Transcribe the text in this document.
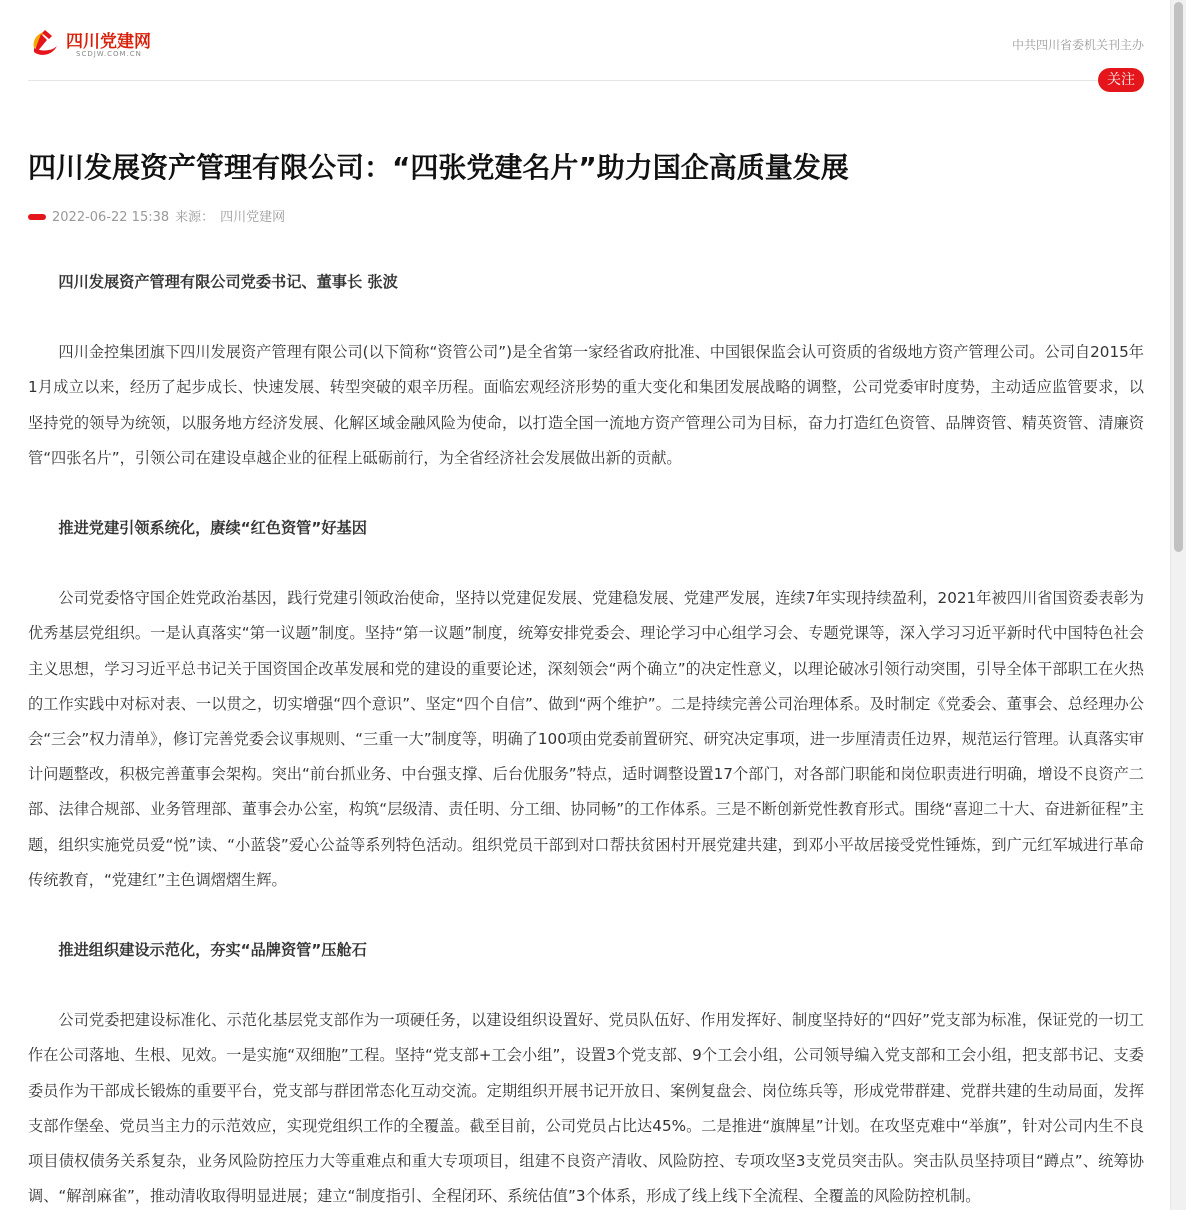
四川党建网
SCDJW.COM.CN
中共四川省委机关刊主办
关注
四川发展资产管理有限公司：“四张党建名片”助力国企高质量发展
2022-06-22 15:38 来源： 四川党建网

四川发展资产管理有限公司党委书记、董事长 张波

四川金控集团旗下四川发展资产管理有限公司(以下简称“资管公司”)是全省第一家经省政府批准、中国银保监会认可资质的省级地方资产管理公司。公司自2015年1月成立以来，经历了起步成长、快速发展、转型突破的艰辛历程。面临宏观经济形势的重大变化和集团发展战略的调整，公司党委审时度势，主动适应监管要求，以坚持党的领导为统领，以服务地方经济发展、化解区域金融风险为使命，以打造全国一流地方资产管理公司为目标，奋力打造红色资管、品牌资管、精英资管、清廉资管“四张名片”，引领公司在建设卓越企业的征程上砥砺前行，为全省经济社会发展做出新的贡献。

推进党建引领系统化，赓续“红色资管”好基因

公司党委恪守国企姓党政治基因，践行党建引领政治使命，坚持以党建促发展、党建稳发展、党建严发展，连续7年实现持续盈利，2021年被四川省国资委表彰为优秀基层党组织。一是认真落实“第一议题”制度。坚持“第一议题”制度，统筹安排党委会、理论学习中心组学习会、专题党课等，深入学习习近平新时代中国特色社会主义思想，学习习近平总书记关于国资国企改革发展和党的建设的重要论述，深刻领会“两个确立”的决定性意义，以理论破冰引领行动突围，引导全体干部职工在火热的工作实践中对标对表、一以贯之，切实增强“四个意识”、坚定“四个自信”、做到“两个维护”。二是持续完善公司治理体系。及时制定《党委会、董事会、总经理办公会“三会”权力清单》，修订完善党委会议事规则、“三重一大”制度等，明确了100项由党委前置研究、研究决定事项，进一步厘清责任边界，规范运行管理。认真落实审计问题整改，积极完善董事会架构。突出“前台抓业务、中台强支撑、后台优服务”特点，适时调整设置17个部门，对各部门职能和岗位职责进行明确，增设不良资产二部、法律合规部、业务管理部、董事会办公室，构筑“层级清、责任明、分工细、协同畅”的工作体系。三是不断创新党性教育形式。围绕“喜迎二十大、奋进新征程”主题，组织实施党员爱“悦”读、“小蓝袋”爱心公益等系列特色活动。组织党员干部到对口帮扶贫困村开展党建共建，到邓小平故居接受党性锤炼，到广元红军城进行革命传统教育，“党建红”主色调熠熠生辉。

推进组织建设示范化，夯实“品牌资管”压舱石

公司党委把建设标准化、示范化基层党支部作为一项硬任务，以建设组织设置好、党员队伍好、作用发挥好、制度坚持好的“四好”党支部为标准，保证党的一切工作在公司落地、生根、见效。一是实施“双细胞”工程。坚持“党支部+工会小组”，设置3个党支部、9个工会小组，公司领导编入党支部和工会小组，把支部书记、支委委员作为干部成长锻炼的重要平台，党支部与群团常态化互动交流。定期组织开展书记开放日、案例复盘会、岗位练兵等，形成党带群建、党群共建的生动局面，发挥支部作堡垒、党员当主力的示范效应，实现党组织工作的全覆盖。截至目前，公司党员占比达45%。二是推进“旗牌星”计划。在攻坚克难中“举旗”，针对公司内生不良项目债权债务关系复杂，业务风险防控压力大等重难点和重大专项项目，组建不良资产清收、风险防控、专项攻坚3支党员突击队。突击队员坚持项目“蹲点”、统筹协调、“解剖麻雀”，推动清收取得明显进展；建立“制度指引、全程闭环、系统估值”3个体系，形成了线上线下全流程、全覆盖的风险防控机制。
